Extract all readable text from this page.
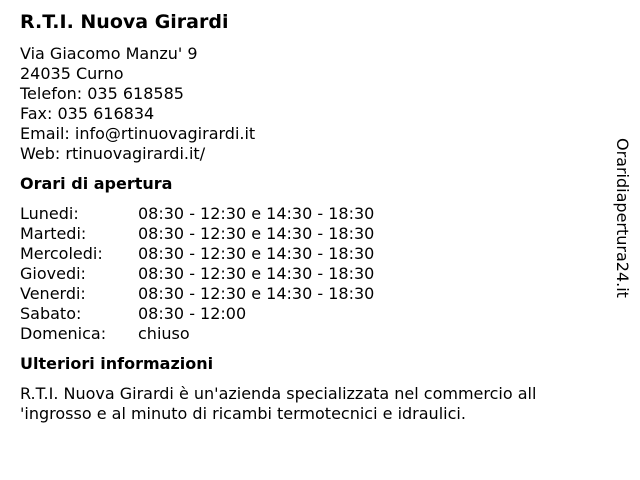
R.T.I. Nuova Girardi
Via Giacomo Manzu' 9
24035 Curno
Telefon: 035 618585
Fax: 035 616834
Email: info@rtinuovagirardi.it
Web: rtinuovagirardi.it/
Orari di apertura
Lunedi:	08:30 - 12:30 e 14:30 - 18:30
Martedi:	08:30 - 12:30 e 14:30 - 18:30
Mercoledi:	08:30 - 12:30 e 14:30 - 18:30
Giovedi:	08:30 - 12:30 e 14:30 - 18:30
Venerdi:	08:30 - 12:30 e 14:30 - 18:30
Sabato:	08:30 - 12:00
Domenica:	chiuso
Ulteriori informazioni
R.T.I. Nuova Girardi è un'azienda specializzata nel commercio all
'ingrosso e al minuto di ricambi termotecnici e idraulici.
Oraridiapertura24.it
